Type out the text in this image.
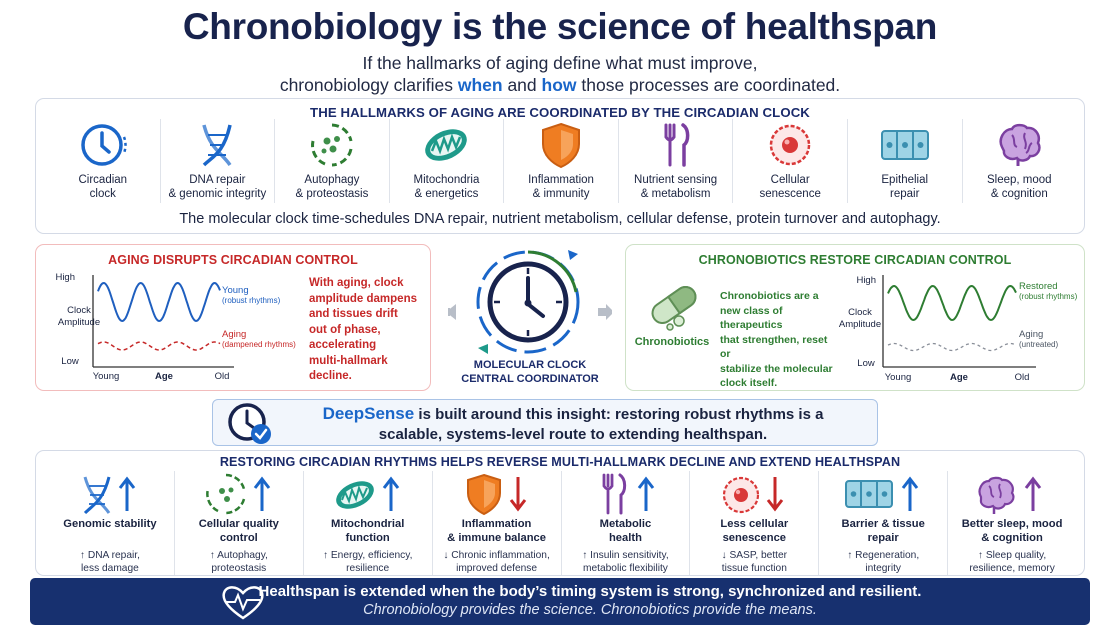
Chronobiology is the science of healthspan
If the hallmarks of aging define what must improve,
chronobiology clarifies when and how those processes are coordinated.
THE HALLMARKS OF AGING ARE COORDINATED BY THE CIRCADIAN CLOCK
Circadian
clock
DNA repair
& genomic integrity
Autophagy
& proteostasis
Mitochondria
& energetics
Inflammation
& immunity
Nutrient sensing
& metabolism
Cellular
senescence
Epithelial
repair
Sleep, mood
& cognition
The molecular clock time-schedules DNA repair, nutrient metabolism, cellular defense, protein turnover and autophagy.
AGING DISRUPTS CIRCADIAN CONTROL
High
Clock
Amplitude
Low
Young	Age	Old
Young
(robust rhythms)
Aging
(dampened rhythms)
With aging, clock
amplitude dampens
and tissues drift
out of phase,
accelerating
multi-hallmark
decline.
MOLECULAR CLOCK
CENTRAL COORDINATOR
CHRONOBIOTICS RESTORE CIRCADIAN CONTROL
Chronobiotics
High
Clock
Amplitude
Low
Young	Age	Old
Restored
(robust rhythms)
Aging
(untreated)
Chronobiotics are a
new class of therapeutics
that strengthen, reset or
stabilize the molecular
clock itself.
DeepSense is built around this insight: restoring robust rhythms is a scalable, systems-level route to extending healthspan.
RESTORING CIRCADIAN RHYTHMS HELPS REVERSE MULTI-HALLMARK DECLINE AND EXTEND HEALTHSPAN
Genomic stability
↑ DNA repair,
less damage
Cellular quality
control
↑ Autophagy,
proteostasis
Mitochondrial
function
↑ Energy, efficiency,
resilience
Inflammation
& immune balance
↓ Chronic inflammation,
improved defense
Metabolic
health
↑ Insulin sensitivity,
metabolic flexibility
Less cellular
senescence
↓ SASP, better
tissue function
Barrier & tissue
repair
↑ Regeneration,
integrity
Better sleep, mood
& cognition
↑ Sleep quality,
resilience, memory
Healthspan is extended when the body’s timing system is strong, synchronized and resilient.
Chronobiology provides the science. Chronobiotics provide the means.
